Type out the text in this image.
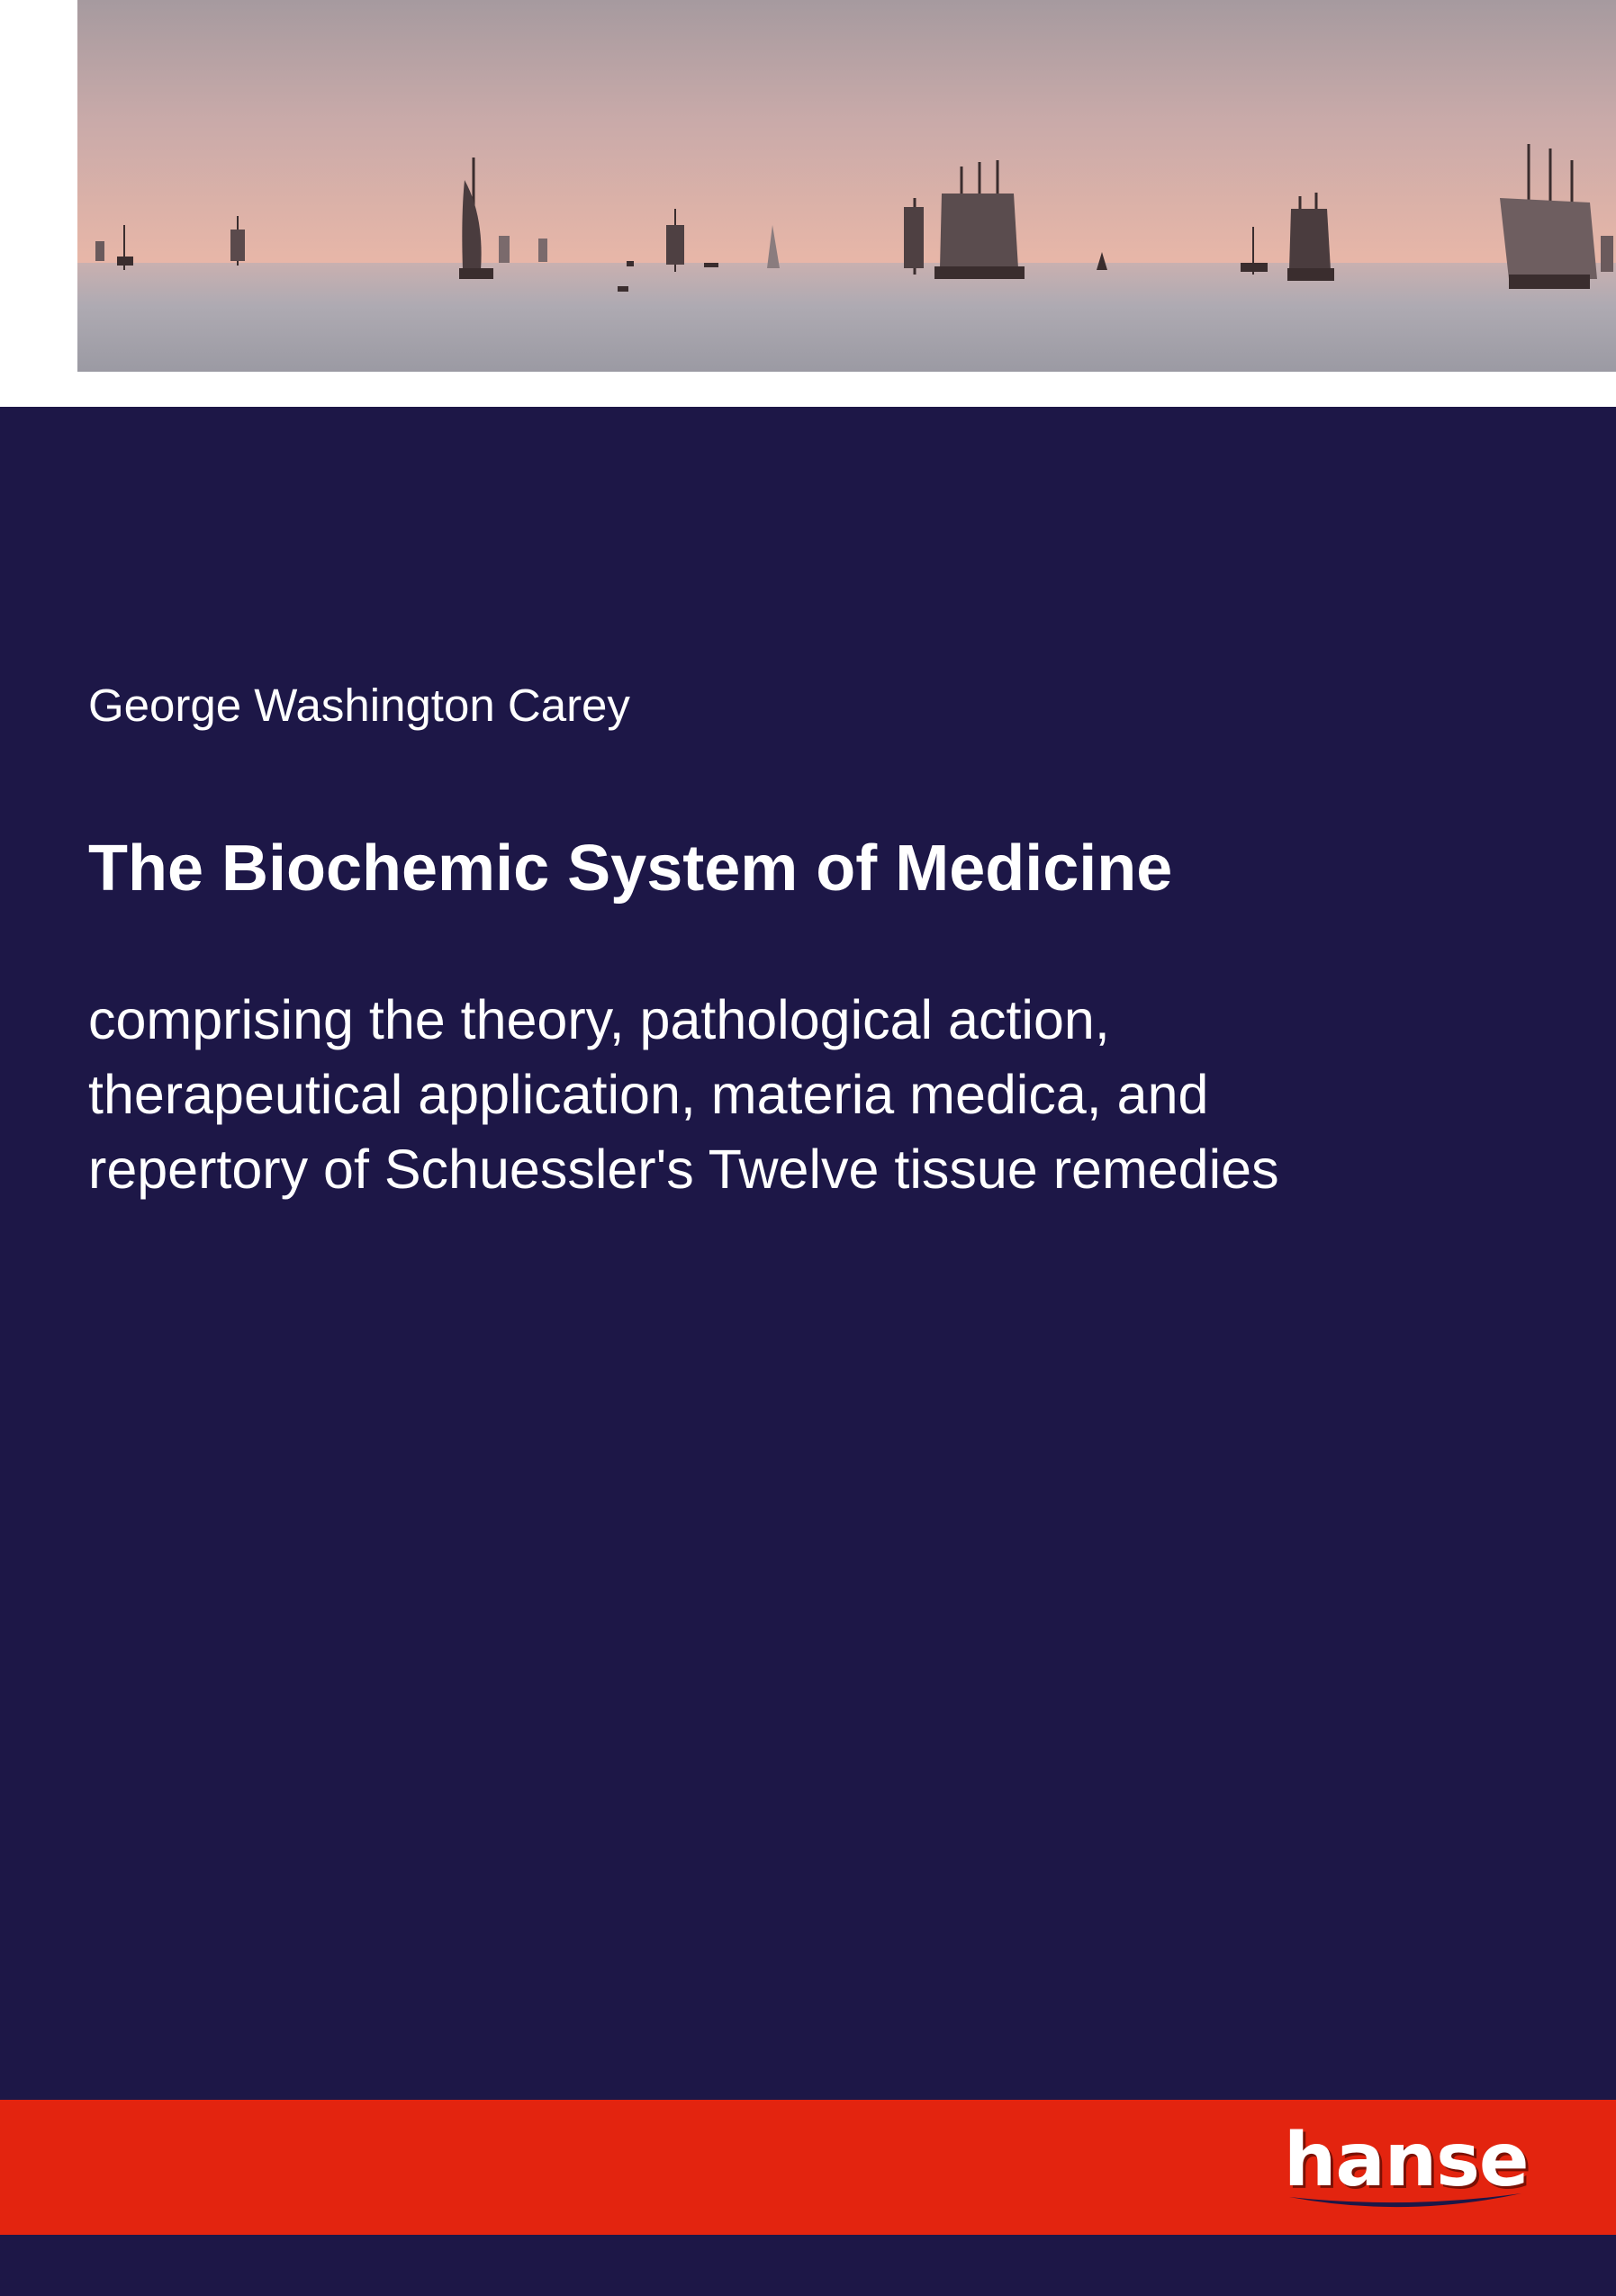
George Washington Carey
The Biochemic System of Medicine
comprising the theory, pathological action,
therapeutical application, materia medica, and
repertory of Schuessler's Twelve tissue remedies
hanse
